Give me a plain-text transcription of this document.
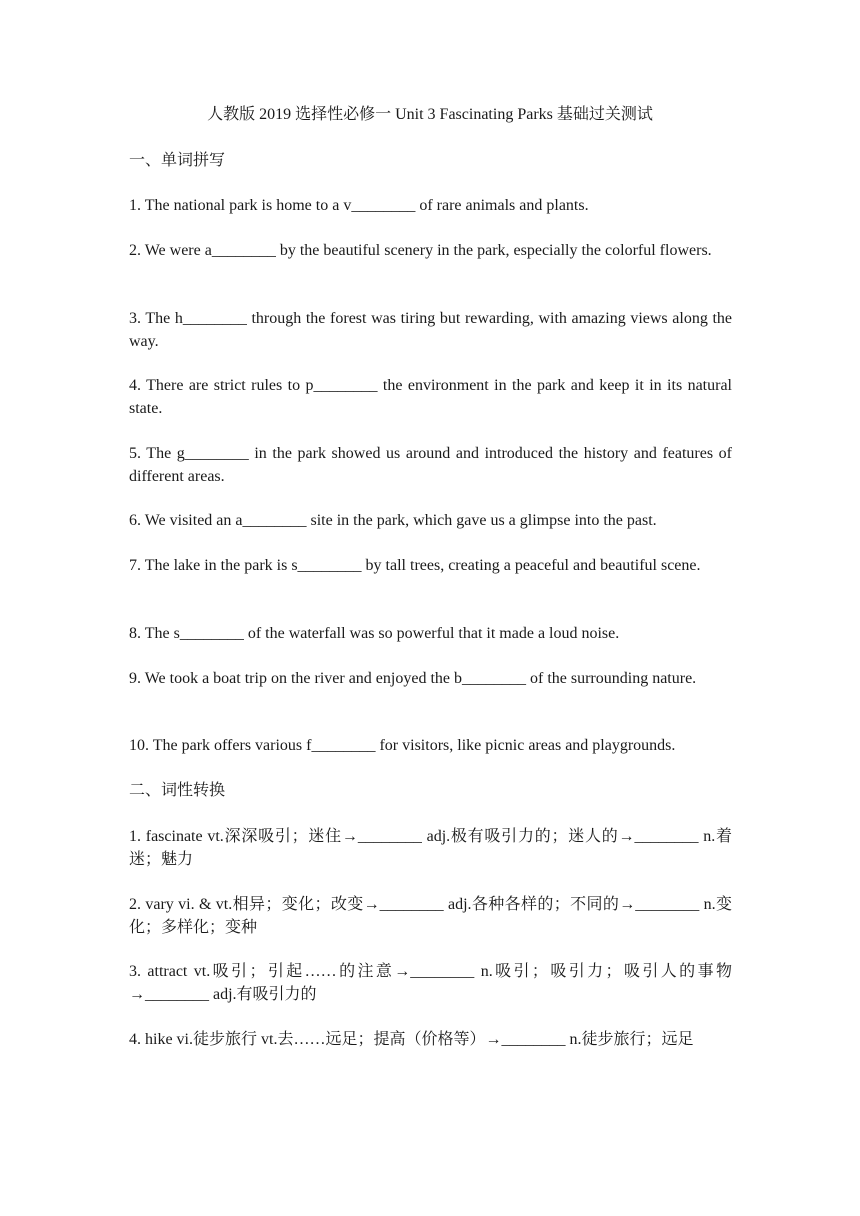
人教版 2019 选择性必修一 Unit 3 Fascinating Parks 基础过关测试
一、单词拼写

1. The national park is home to a v________ of rare animals and plants.

2. We were a________ by the beautiful scenery in the park, especially the colorful flowers.

3. The h________ through the forest was tiring but rewarding, with amazing views along the way.

4. There are strict rules to p________ the environment in the park and keep it in its natural state.

5. The g________ in the park showed us around and introduced the history and features of different areas.

6. We visited an a________ site in the park, which gave us a glimpse into the past.

7. The lake in the park is s________ by tall trees, creating a peaceful and beautiful scene.

8. The s________ of the waterfall was so powerful that it made a loud noise.

9. We took a boat trip on the river and enjoyed the b________ of the surrounding nature.

10. The park offers various f________ for visitors, like picnic areas and playgrounds.

二、词性转换

1. fascinate vt.深深吸引；迷住→________ adj.极有吸引力的；迷人的→________ n.着迷；魅力

2. vary vi. & vt.相异；变化；改变→________ adj.各种各样的；不同的→________ n.变化；多样化；变种

3. attract vt.吸引；引起……的注意→________ n.吸引；吸引力；吸引人的事物→________ adj.有吸引力的

4. hike vi.徒步旅行 vt.去……远足；提高（价格等）→________ n.徒步旅行；远足
